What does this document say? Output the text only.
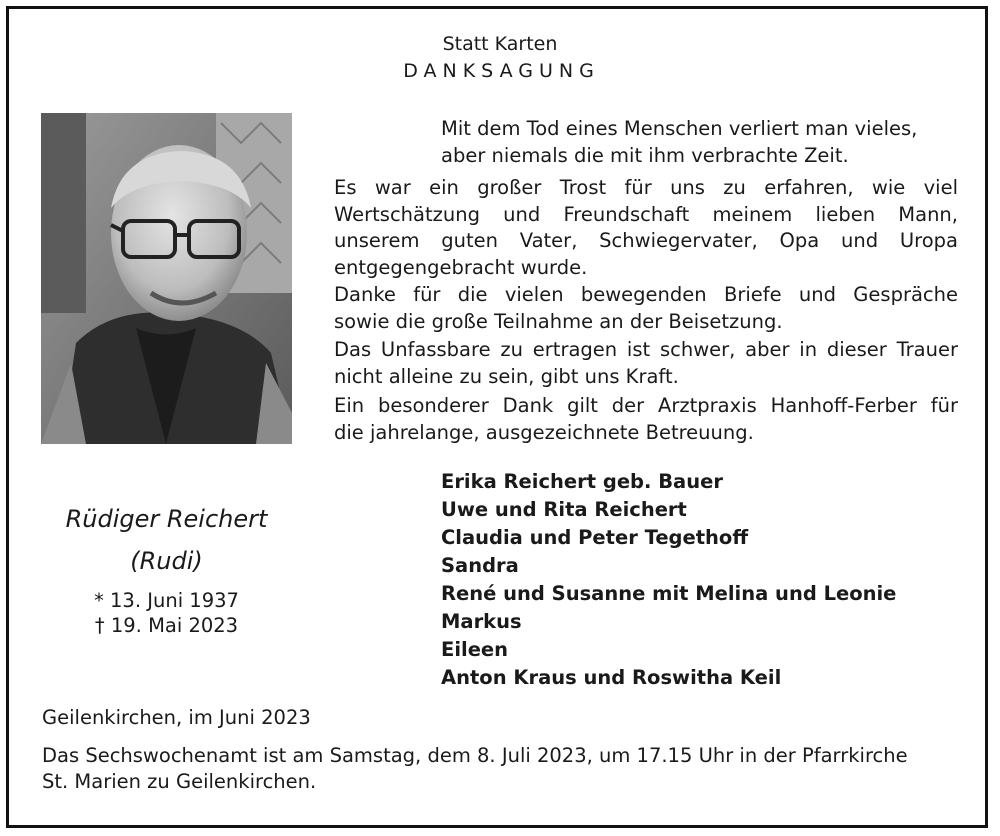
Statt Karten
DANKSAGUNG
Mit dem Tod eines Menschen verliert man vieles,
aber niemals die mit ihm verbrachte Zeit.
Es war ein großer Trost für uns zu erfahren, wie viel
Wertschätzung und Freundschaft meinem lieben Mann,
unserem guten Vater, Schwiegervater, Opa und Uropa
entgegengebracht wurde.
Danke für die vielen bewegenden Briefe und Gespräche
sowie die große Teilnahme an der Beisetzung.
Das Unfassbare zu ertragen ist schwer, aber in dieser Trauer
nicht alleine zu sein, gibt uns Kraft.
Ein besonderer Dank gilt der Arztpraxis Hanhoff-Ferber für
die jahrelange, ausgezeichnete Betreuung.
Rüdiger Reichert
(Rudi)
* 13. Juni 1937
† 19. Mai 2023
Erika Reichert geb. Bauer
Uwe und Rita Reichert
Claudia und Peter Tegethoff
Sandra
René und Susanne mit Melina und Leonie
Markus
Eileen
Anton Kraus und Roswitha Keil
Geilenkirchen, im Juni 2023
Das Sechswochenamt ist am Samstag, dem 8. Juli 2023, um 17.15 Uhr in der Pfarrkirche
St. Marien zu Geilenkirchen.
